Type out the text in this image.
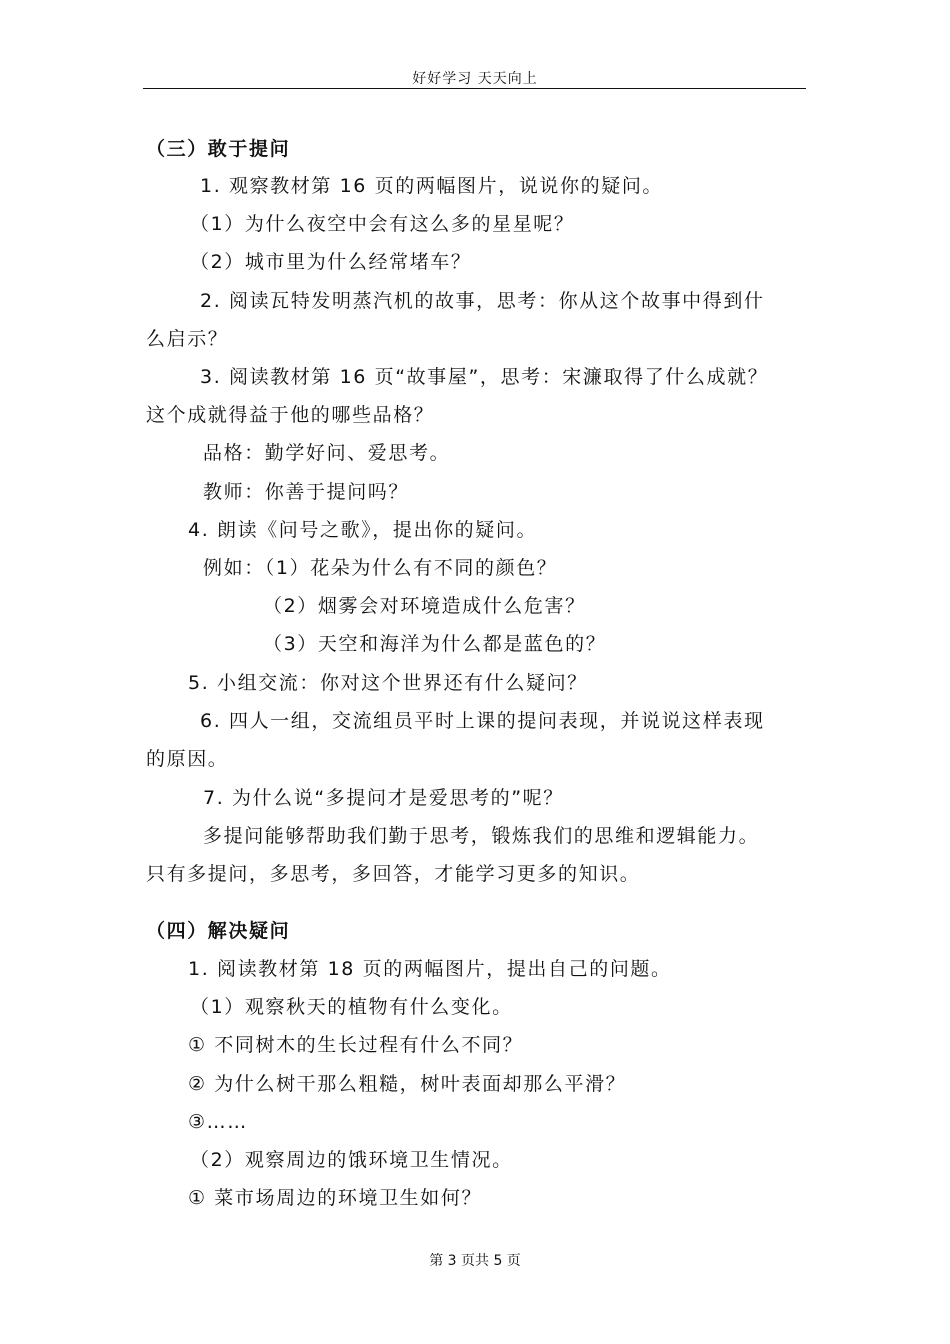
好好学习 天天向上
（三）敢于提问
1. 观察教材第 16 页的两幅图片，说说你的疑问。
（1）为什么夜空中会有这么多的星星呢？
（2）城市里为什么经常堵车？
2. 阅读瓦特发明蒸汽机的故事，思考：你从这个故事中得到什
么启示？
3. 阅读教材第 16 页“故事屋”，思考：宋濂取得了什么成就？
这个成就得益于他的哪些品格？
品格：勤学好问、爱思考。
教师：你善于提问吗？
4. 朗读《问号之歌》，提出你的疑问。
例如：（1）花朵为什么有不同的颜色？
（2）烟雾会对环境造成什么危害？
（3）天空和海洋为什么都是蓝色的？
5. 小组交流：你对这个世界还有什么疑问？
6. 四人一组，交流组员平时上课的提问表现，并说说这样表现
的原因。
7. 为什么说“多提问才是爱思考的”呢？
多提问能够帮助我们勤于思考，锻炼我们的思维和逻辑能力。
只有多提问，多思考，多回答，才能学习更多的知识。
（四）解决疑问
1. 阅读教材第 18 页的两幅图片，提出自己的问题。
（1）观察秋天的植物有什么变化。
① 不同树木的生长过程有什么不同？
② 为什么树干那么粗糙，树叶表面却那么平滑？
③……
（2）观察周边的饿环境卫生情况。
① 菜市场周边的环境卫生如何？
第 3 页共 5 页
